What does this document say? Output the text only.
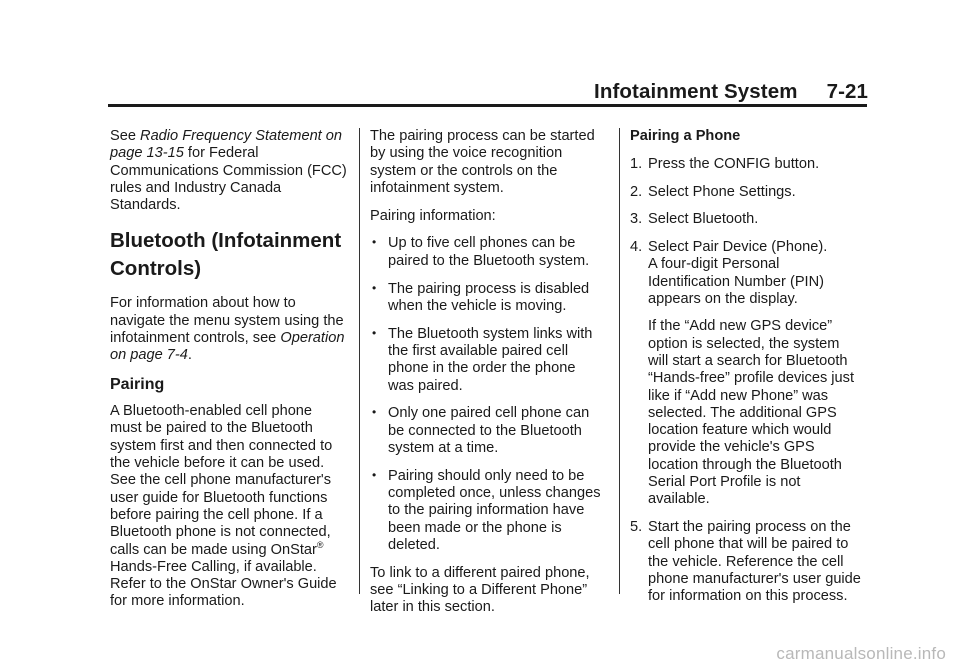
Infotainment System 7-21

See Radio Frequency Statement on
page 13-15 for Federal
Communications Commission (FCC)
rules and Industry Canada
Standards.

Bluetooth (Infotainment
Controls)

For information about how to
navigate the menu system using the
infotainment controls, see Operation
on page 7-4.

Pairing

A Bluetooth-enabled cell phone
must be paired to the Bluetooth
system first and then connected to
the vehicle before it can be used.
See the cell phone manufacturer's
user guide for Bluetooth functions
before pairing the cell phone. If a
Bluetooth phone is not connected,
calls can be made using OnStar®
Hands-Free Calling, if available.
Refer to the OnStar Owner's Guide
for more information.

The pairing process can be started
by using the voice recognition
system or the controls on the
infotainment system.

Pairing information:

• Up to five cell phones can be
paired to the Bluetooth system.
• The pairing process is disabled
when the vehicle is moving.
• The Bluetooth system links with
the first available paired cell
phone in the order the phone
was paired.
• Only one paired cell phone can
be connected to the Bluetooth
system at a time.
• Pairing should only need to be
completed once, unless changes
to the pairing information have
been made or the phone is
deleted.

To link to a different paired phone,
see “Linking to a Different Phone”
later in this section.

Pairing a Phone

1. Press the CONFIG button.
2. Select Phone Settings.
3. Select Bluetooth.
4. Select Pair Device (Phone).
A four-digit Personal
Identification Number (PIN)
appears on the display.
If the “Add new GPS device”
option is selected, the system
will start a search for Bluetooth
“Hands-free” profile devices just
like if “Add new Phone” was
selected. The additional GPS
location feature which would
provide the vehicle's GPS
location through the Bluetooth
Serial Port Profile is not
available.
5. Start the pairing process on the
cell phone that will be paired to
the vehicle. Reference the cell
phone manufacturer's user guide
for information on this process.
carmanualsonline.info
